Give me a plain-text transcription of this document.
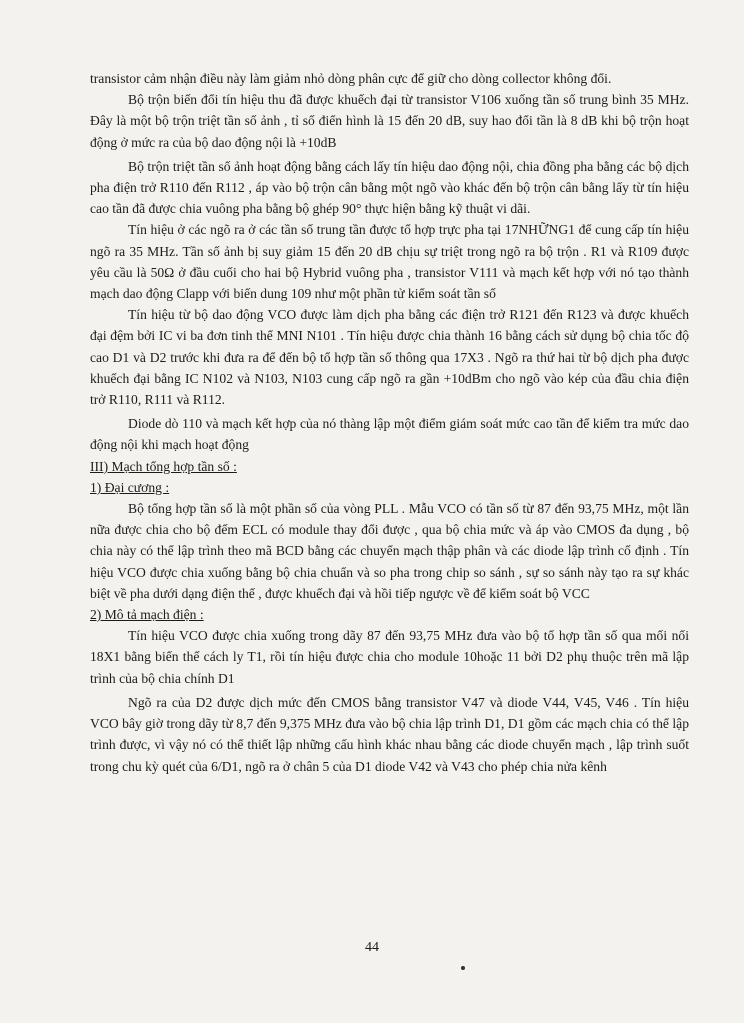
transistor cảm nhận điều này làm giảm nhỏ dòng phân cực để giữ cho dòng collector không đổi.

Bộ trộn biến đổi tín hiệu thu đã được khuếch đại từ transistor V106 xuống tần số trung bình 35 MHz. Đây là một bộ trộn triệt tần số ảnh , tỉ số điển hình là 15 đến 20 dB, suy hao đổi tần là 8 dB khi bộ trộn hoạt động ở mức ra của bộ dao động nội là +10dB

Bộ trộn triệt tần số ảnh hoạt động bằng cách lấy tín hiệu dao động nội, chia đồng pha bằng các bộ dịch pha điện trở R110 đến R112 , áp vào bộ trộn cân bằng một ngõ vào khác đến bộ trộn cân bằng lấy từ tín hiệu cao tần đã được chia vuông pha bằng bộ ghép 90° thực hiện bằng kỹ thuật vi dãi.

Tín hiệu ở các ngõ ra ở các tần số trung tần được tổ hợp trực pha tại 17NHỮNG1 để cung cấp tín hiệu ngõ ra 35 MHz. Tần số ảnh bị suy giảm 15 đến 20 dB chịu sự triệt trong ngõ ra bộ trộn . R1 và R109 được yêu cầu là 50Ω ở đầu cuối cho hai bộ Hybrid vuông pha , transistor V111 và mạch kết hợp với nó tạo thành mạch dao động Clapp với biến dung 109 như một phần tử kiểm soát tần số

Tín hiệu từ bộ dao động VCO được làm dịch pha bằng các điện trở R121 đến R123 và được khuếch đại đệm bởi IC vi ba đơn tinh thể MNI N101 . Tín hiệu được chia thành 16 bằng cách sử dụng bộ chia tốc độ cao D1 và D2 trước khi đưa ra để đến bộ tổ hợp tần số thông qua 17X3 . Ngõ ra thứ hai từ bộ dịch pha được khuếch đại bằng IC N102 và N103, N103 cung cấp ngõ ra gần +10dBm cho ngõ vào kép của đầu chia điện trở R110, R111 và R112.

Diode dò 110 và mạch kết hợp của nó thàng lập một điểm giám soát mức cao tần để kiểm tra mức dao động nội khi mạch hoạt động

III) Mạch tổng hợp tần số :

1) Đại cương :

Bộ tổng hợp tần số là một phần số của vòng PLL . Mẫu VCO có tần số từ 87 đến 93,75 MHz, một lần nữa được chia cho bộ đếm ECL có module thay đổi được , qua bộ chia mức và áp vào CMOS đa dụng , bộ chia này có thể lập trình theo mã BCD bằng các chuyển mạch thập phân và các diode lập trình cố định . Tín hiệu VCO được chia xuống bằng bộ chia chuẩn và so pha trong chip so sánh , sự so sánh này tạo ra sự khác biệt về pha dưới dạng điện thế , được khuếch đại và hồi tiếp ngược về để kiểm soát bộ VCC

2) Mô tả mạch điện :

Tín hiệu VCO được chia xuống trong dãy 87 đến 93,75 MHz đưa vào bộ tổ hợp tần số qua mối nối 18X1 bằng biến thế cách ly T1, rồi tín hiệu được chia cho module 10hoặc 11 bởi D2 phụ thuộc trên mã lập trình của bộ chia chính D1

Ngõ ra của D2 được dịch mức đến CMOS bằng transistor V47 và diode V44, V45, V46 . Tín hiệu VCO bây giờ trong dãy từ 8,7 đến 9,375 MHz đưa vào bộ chia lập trình D1, D1 gồm các mạch chia có thể lập trình được, vì vậy nó có thể thiết lập những cấu hình khác nhau bằng các diode chuyển mạch , lập trình suốt trong chu kỳ quét của 6/D1, ngõ ra ở chân 5 của D1 diode V42 và V43 cho phép chia nửa kênh

44
